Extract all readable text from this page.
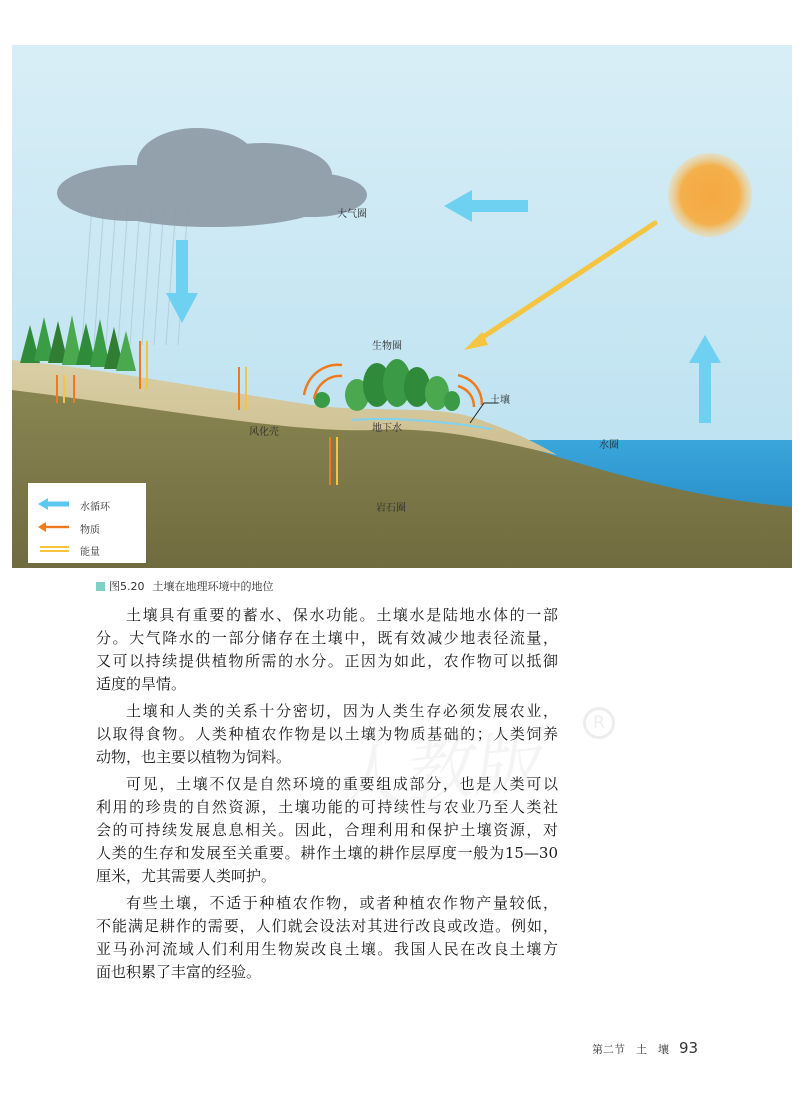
大气圈
生物圈
土壤
风化壳	地下水
水圈
岩石圈
水循环
物质
能量
图5.20 土壤在地理环境中的地位
R
土壤具有重要的蓄水、保水功能。土壤水是陆地水体的一部
分。大气降水的一部分储存在土壤中，既有效减少地表径流量，
又可以持续提供植物所需的水分。正因为如此，农作物可以抵御
适度的旱情。
土壤和人类的关系十分密切，因为人类生存必须发展农业，
以取得食物。人类种植农作物是以土壤为物质基础的；人类饲养
动物，也主要以植物为饲料。
可见，土壤不仅是自然环境的重要组成部分，也是人类可以
利用的珍贵的自然资源，土壤功能的可持续性与农业乃至人类社
会的可持续发展息息相关。因此，合理利用和保护土壤资源，对
人类的生存和发展至关重要。耕作土壤的耕作层厚度一般为15—30
厘米，尤其需要人类呵护。
有些土壤，不适于种植农作物，或者种植农作物产量较低，
不能满足耕作的需要，人们就会设法对其进行改良或改造。例如，
亚马孙河流域人们利用生物炭改良土壤。我国人民在改良土壤方
面也积累了丰富的经验。
第二节　土　壤 93
